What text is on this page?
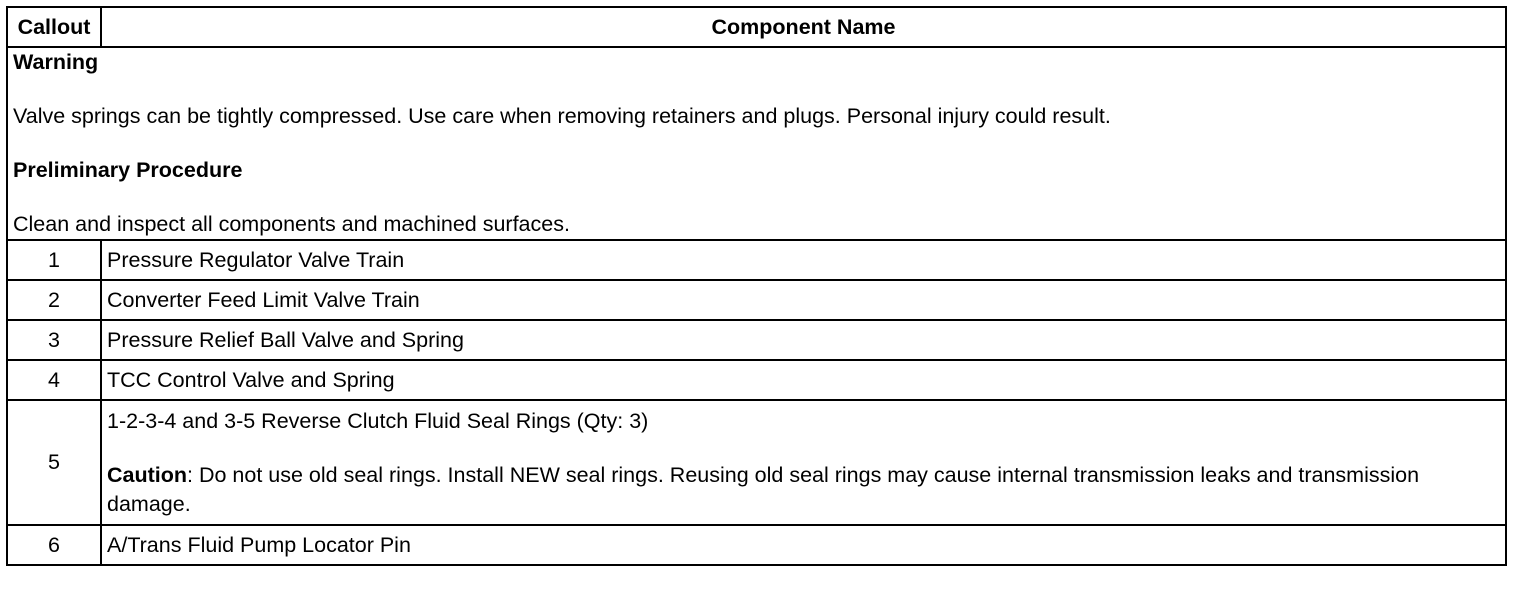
Callout	Component Name

Warning

Valve springs can be tightly compressed. Use care when removing retainers and plugs. Personal injury could result.

Preliminary Procedure

Clean and inspect all components and machined surfaces.	

1	Pressure Regulator Valve Train
2	Converter Feed Limit Valve Train
3	Pressure Relief Ball Valve and Spring
4	TCC Control Valve and Spring
5	1-2-3-4 and 3-5 Reverse Clutch Fluid Seal Rings (Qty: 3)

Caution: Do not use old seal rings. Install NEW seal rings. Reusing old seal rings may cause internal transmission leaks and transmission damage.

6	A/Trans Fluid Pump Locator Pin
